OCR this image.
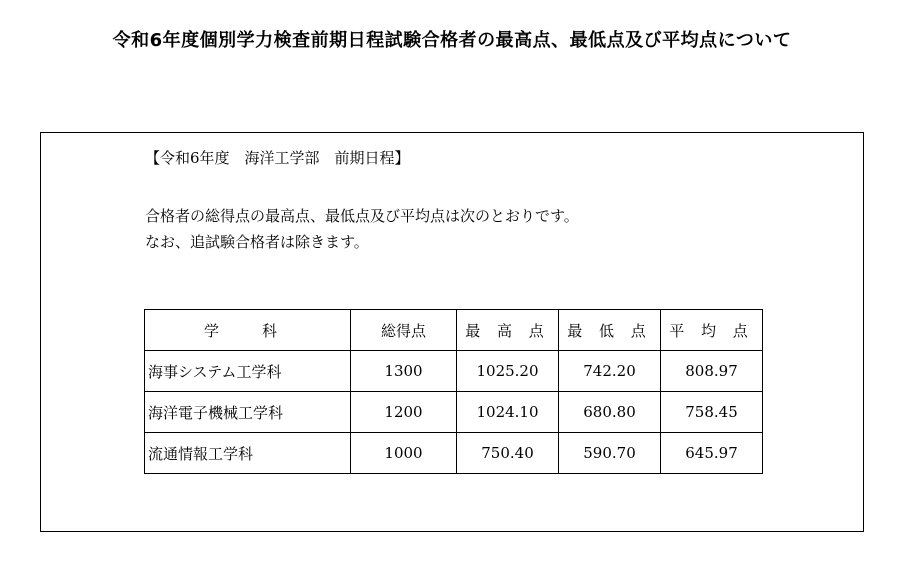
令和6年度個別学力検査前期日程試験合格者の最高点、最低点及び平均点について
【令和6年度　海洋工学部　前期日程】
合格者の総得点の最高点、最低点及び平均点は次のとおりです。
なお、追試験合格者は除きます。
学　科	総得点	最 高 点	最 低 点	平 均 点
海事システム工学科	1300	1025.20	742.20	808.97
海洋電子機械工学科	1200	1024.10	680.80	758.45
流通情報工学科	1000	750.40	590.70	645.97
